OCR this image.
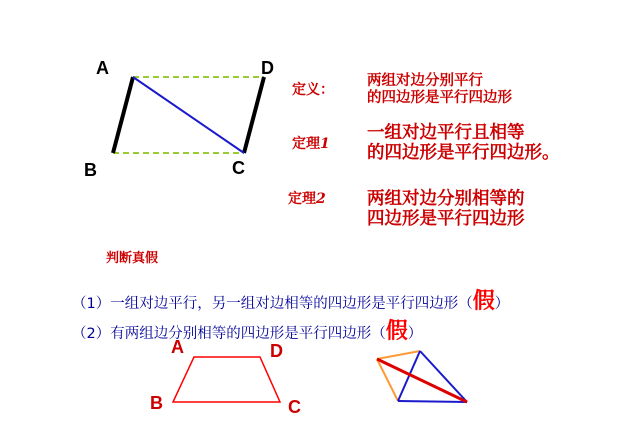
A	D
B	C
定义：
两组对边分别平行
的四边形是平行四边形
定理1
一组对边平行且相等
的四边形是平行四边形。
定理2 两组对边分别相等的
四边形是平行四边形
判断真假
（1）一组对边平行，另一组对边相等的四边形是平行四边形（假）
（2）有两组边分别相等的四边形是平行四边形（假）
A	D
B	C
